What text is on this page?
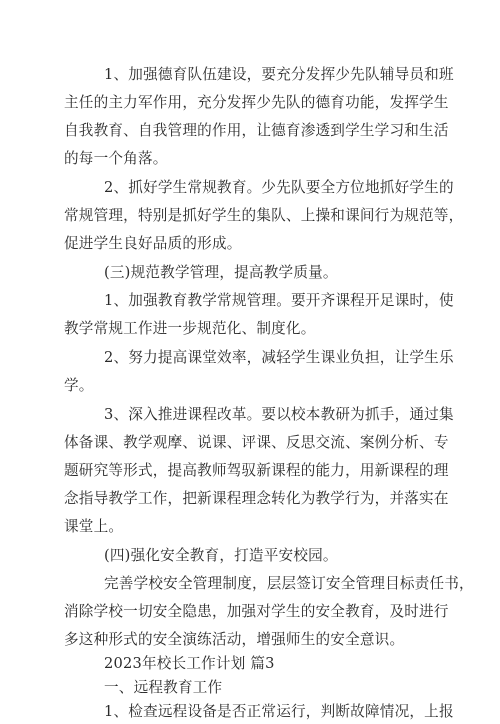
1、加强德育队伍建设，要充分发挥少先队辅导员和班
主任的主力军作用，充分发挥少先队的德育功能，发挥学生
自我教育、自我管理的作用，让德育渗透到学生学习和生活
的每一个角落。
2、抓好学生常规教育。少先队要全方位地抓好学生的
常规管理，特别是抓好学生的集队、上操和课间行为规范等，
促进学生良好品质的形成。
(三)规范教学管理，提高教学质量。
1、加强教育教学常规管理。要开齐课程开足课时，使
教学常规工作进一步规范化、制度化。
2、努力提高课堂效率，减轻学生课业负担，让学生乐
学。
3、深入推进课程改革。要以校本教研为抓手，通过集
体备课、教学观摩、说课、评课、反思交流、案例分析、专
题研究等形式，提高教师驾驭新课程的能力，用新课程的理
念指导教学工作，把新课程理念转化为教学行为，并落实在
课堂上。
(四)强化安全教育，打造平安校园。
完善学校安全管理制度，层层签订安全管理目标责任书，
消除学校一切安全隐患，加强对学生的安全教育，及时进行
多这种形式的安全演练活动，增强师生的安全意识。
2023年校长工作计划 篇3
一、远程教育工作
1、检查远程设备是否正常运行，判断故障情况，上报
